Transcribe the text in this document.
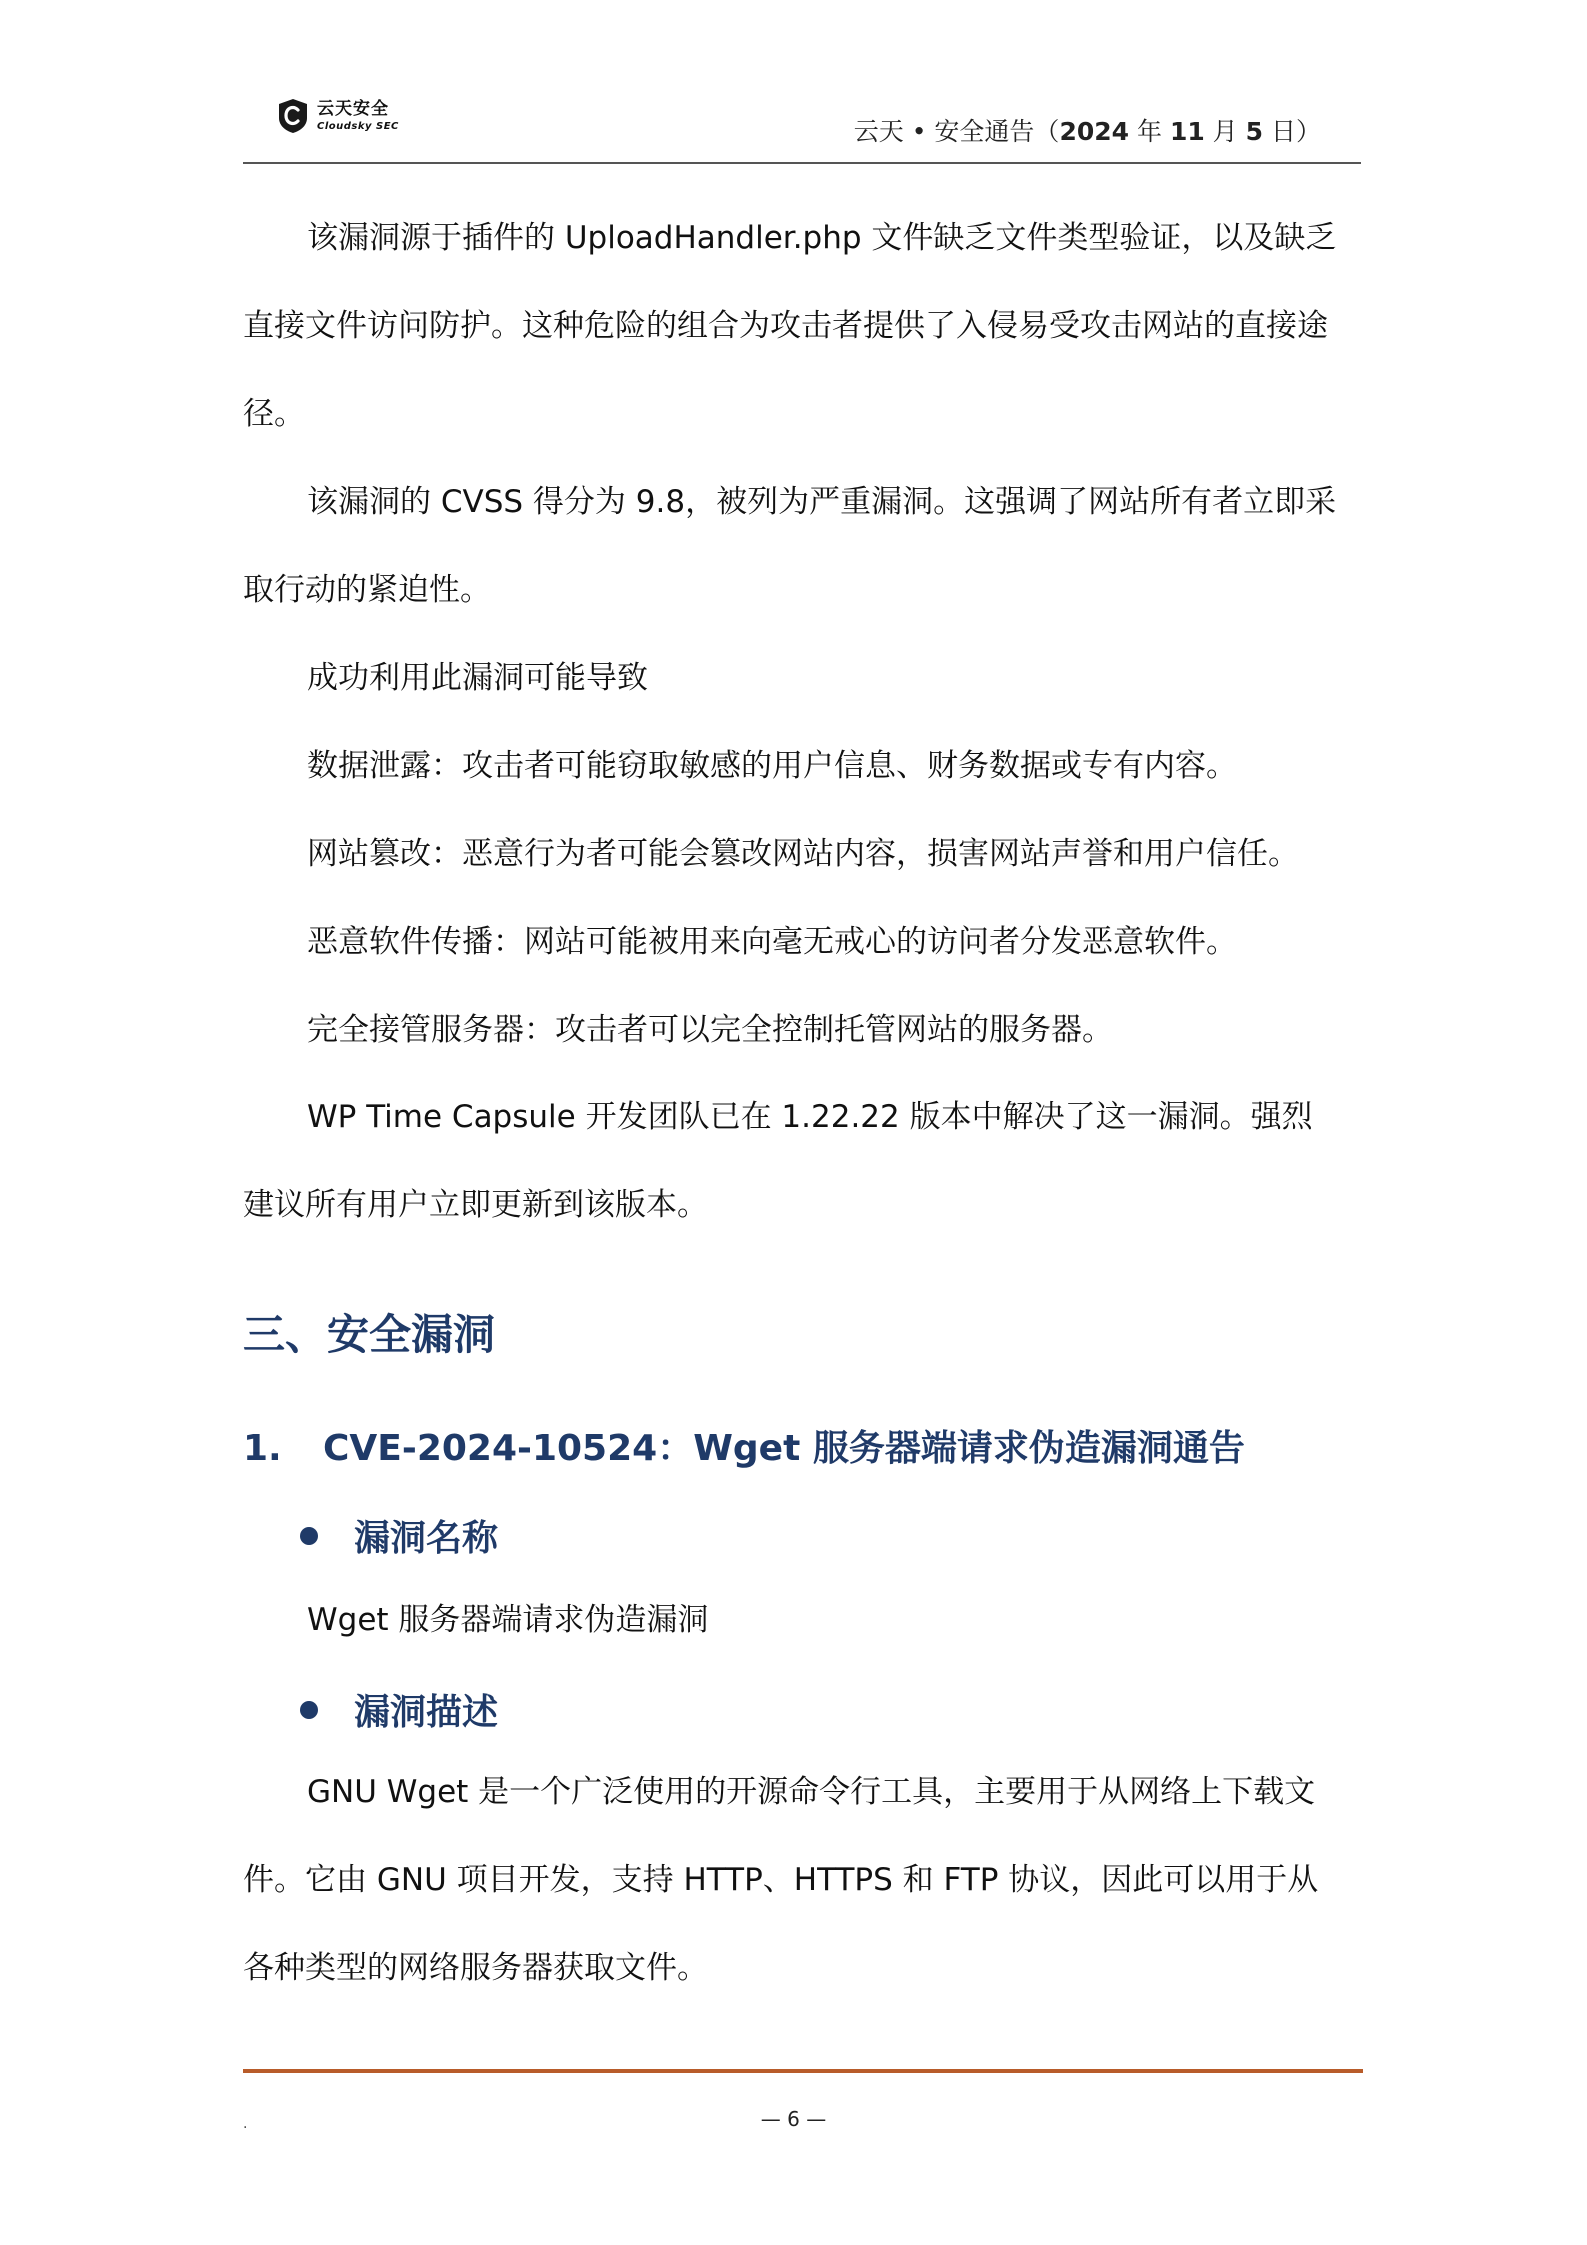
云天安全
Cloudsky SEC	云天 • 安全通告（2024 年 11 月 5 日）

该漏洞源于插件的 UploadHandler.php 文件缺乏文件类型验证，以及缺乏直接文件访问防护。这种危险的组合为攻击者提供了入侵易受攻击网站的直接途径。

该漏洞的 CVSS 得分为 9.8，被列为严重漏洞。这强调了网站所有者立即采取行动的紧迫性。

成功利用此漏洞可能导致

数据泄露：攻击者可能窃取敏感的用户信息、财务数据或专有内容。

网站篡改：恶意行为者可能会篡改网站内容，损害网站声誉和用户信任。

恶意软件传播：网站可能被用来向毫无戒心的访问者分发恶意软件。

完全接管服务器：攻击者可以完全控制托管网站的服务器。

WP Time Capsule 开发团队已在 1.22.22 版本中解决了这一漏洞。强烈建议所有用户立即更新到该版本。

三、安全漏洞
1. CVE-2024-10524：Wget 服务器端请求伪造漏洞通告
漏洞名称

Wget 服务器端请求伪造漏洞

漏洞描述

GNU Wget 是一个广泛使用的开源命令行工具，主要用于从网络上下载文件。它由 GNU 项目开发，支持 HTTP、HTTPS 和 FTP 协议，因此可以用于从各种类型的网络服务器获取文件。

.	— 6 —
